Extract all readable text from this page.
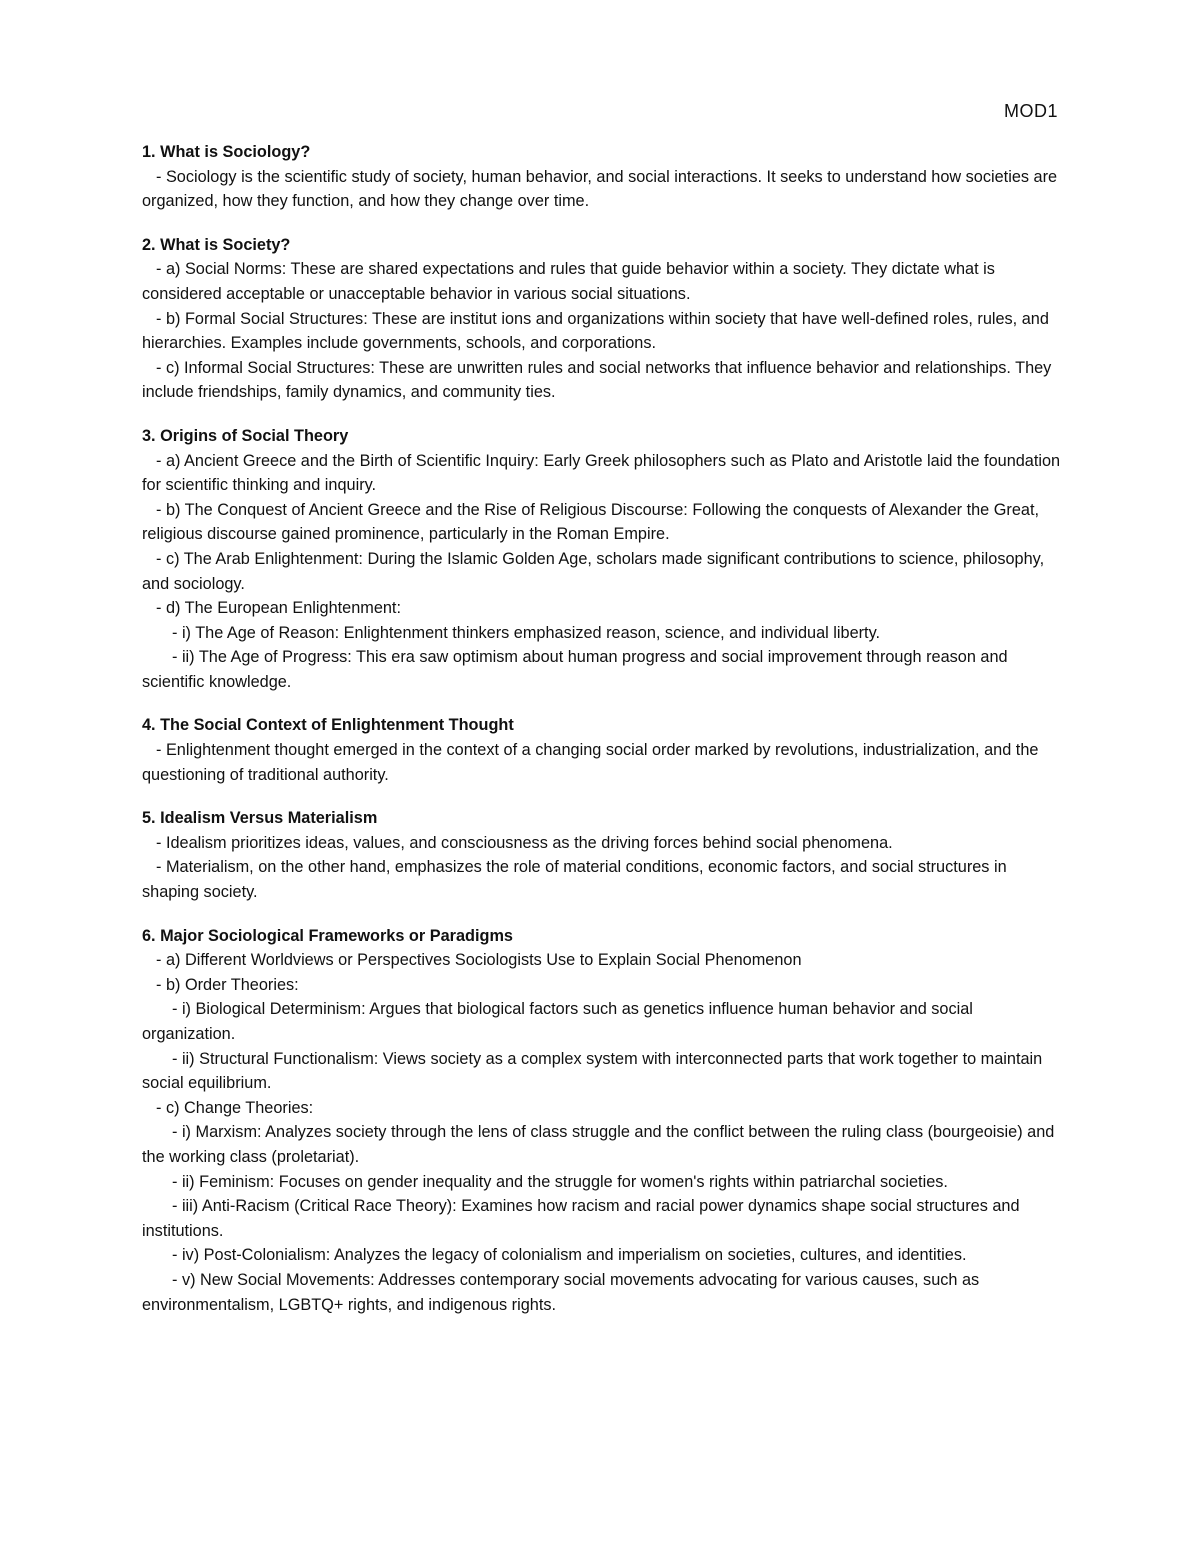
MOD1

1. What is Sociology?

- Sociology is the scientific study of society, human behavior, and social interactions. It seeks to understand how societies are organized, how they function, and how they change over time.

2. What is Society?

- a) Social Norms: These are shared expectations and rules that guide behavior within a society. They dictate what is considered acceptable or unacceptable behavior in various social situations.

- b) Formal Social Structures: These are institut ions and organizations within society that have well-defined roles, rules, and hierarchies. Examples include governments, schools, and corporations.

- c) Informal Social Structures: These are unwritten rules and social networks that influence behavior and relationships. They include friendships, family dynamics, and community ties.

3. Origins of Social Theory

- a) Ancient Greece and the Birth of Scientific Inquiry: Early Greek philosophers such as Plato and Aristotle laid the foundation for scientific thinking and inquiry.

- b) The Conquest of Ancient Greece and the Rise of Religious Discourse: Following the conquests of Alexander the Great, religious discourse gained prominence, particularly in the Roman Empire.

- c) The Arab Enlightenment: During the Islamic Golden Age, scholars made significant contributions to science, philosophy, and sociology.

- d) The European Enlightenment:

- i) The Age of Reason: Enlightenment thinkers emphasized reason, science, and individual liberty.

- ii) The Age of Progress: This era saw optimism about human progress and social improvement through reason and scientific knowledge.

4. The Social Context of Enlightenment Thought

- Enlightenment thought emerged in the context of a changing social order marked by revolutions, industrialization, and the questioning of traditional authority.

5. Idealism Versus Materialism

- Idealism prioritizes ideas, values, and consciousness as the driving forces behind social phenomena.

- Materialism, on the other hand, emphasizes the role of material conditions, economic factors, and social structures in shaping society.

6. Major Sociological Frameworks or Paradigms

- a) Different Worldviews or Perspectives Sociologists Use to Explain Social Phenomenon

- b) Order Theories:

- i) Biological Determinism: Argues that biological factors such as genetics influence human behavior and social organization.

- ii) Structural Functionalism: Views society as a complex system with interconnected parts that work together to maintain social equilibrium.

- c) Change Theories:

- i) Marxism: Analyzes society through the lens of class struggle and the conflict between the ruling class (bourgeoisie) and the working class (proletariat).

- ii) Feminism: Focuses on gender inequality and the struggle for women's rights within patriarchal societies.

- iii) Anti-Racism (Critical Race Theory): Examines how racism and racial power dynamics shape social structures and institutions.

- iv) Post-Colonialism: Analyzes the legacy of colonialism and imperialism on societies, cultures, and identities.

- v) New Social Movements: Addresses contemporary social movements advocating for various causes, such as environmentalism, LGBTQ+ rights, and indigenous rights.
